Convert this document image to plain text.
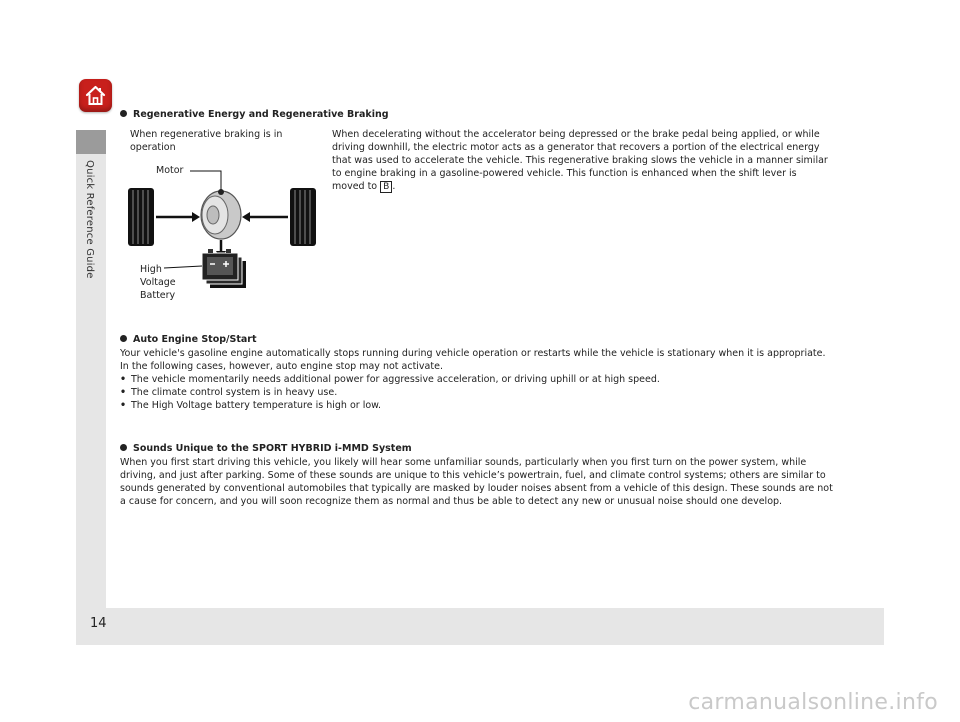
Quick Reference Guide
Regenerative Energy and Regenerative Braking
When regenerative braking is in operation
Motor
High
Voltage
Battery
When decelerating without the accelerator being depressed or the brake pedal being applied, or while driving downhill, the electric motor acts as a generator that recovers a portion of the electrical energy that was used to accelerate the vehicle. This regenerative braking slows the vehicle in a manner similar to engine braking in a gasoline-powered vehicle. This function is enhanced when the shift lever is moved to B .
Auto Engine Stop/Start
Your vehicle's gasoline engine automatically stops running during vehicle operation or restarts while the vehicle is stationary when it is appropriate.
In the following cases, however, auto engine stop may not activate.
• The vehicle momentarily needs additional power for aggressive acceleration, or driving uphill or at high speed.
• The climate control system is in heavy use.
• The High Voltage battery temperature is high or low.
Sounds Unique to the SPORT HYBRID i-MMD System
When you first start driving this vehicle, you likely will hear some unfamiliar sounds, particularly when you first turn on the power system, while driving, and just after parking. Some of these sounds are unique to this vehicle’s powertrain, fuel, and climate control systems; others are similar to sounds generated by conventional automobiles that typically are masked by louder noises absent from a vehicle of this design. These sounds are not a cause for concern, and you will soon recognize them as normal and thus be able to detect any new or unusual noise should one develop.
14
carmanualsonline.info
